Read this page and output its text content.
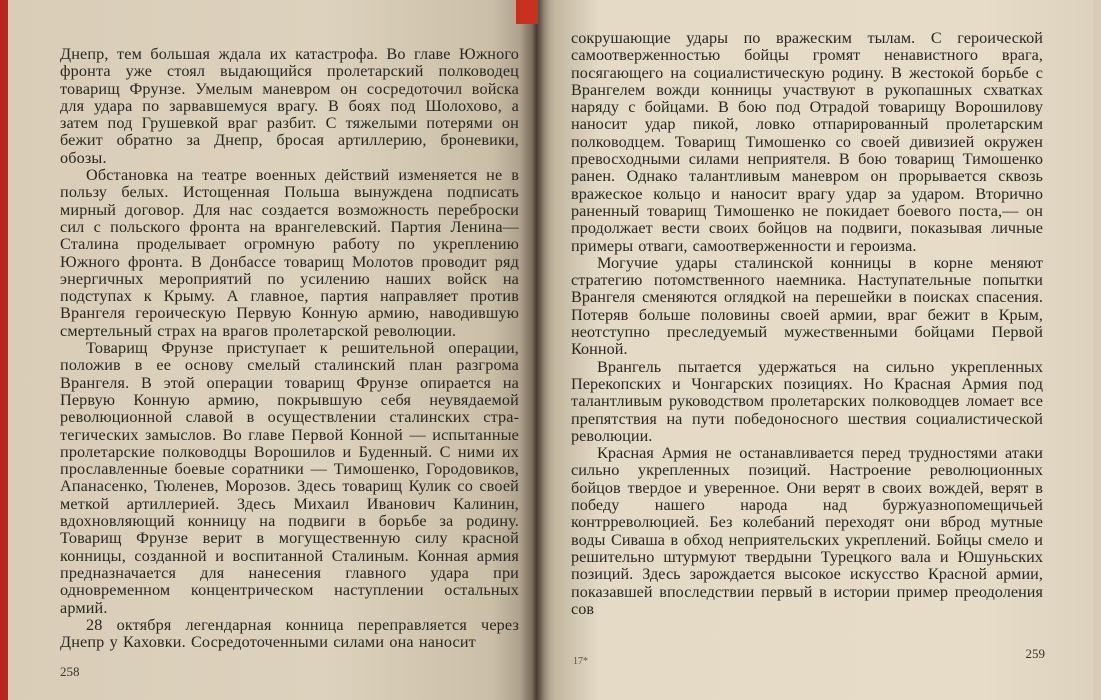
Днепр, тем большая ждала их катастрофа. Во главе Южного фронта уже стоял выдающийся пролетарский полководец товарищ Фрунзе. Умелым маневром он сосредоточил войска для удара по зарвавшемуся врагу. В боях под Шолохово, а затем под Грушевкой враг разбит. С тяжелыми потерями он бежит обратно за Днепр, бросая артиллерию, броневики, обозы.

Обстановка на театре военных действий изменяется не в пользу белых. Истощенная Польша вынуждена подписать мирный договор. Для нас создается возможность переброски сил с польского фронта на врангелевский. Партия Ленина—Сталина проделывает огромную работу по укреплению Южного фронта. В Донбассе товарищ Молотов проводит ряд энергичных мероприятий по усилению наших войск на подступах к Крыму. А главное, партия направляет против Врангеля героическую Первую Конную армию, наводившую смертельный страх на врагов пролетарской революции.

Товарищ Фрунзе приступает к решительной операции, положив в ее основу смелый сталинский план разгрома Врангеля. В этой операции товарищ Фрунзе опирается на Первую Конную армию, покрывшую себя неувядаемой революционной славой в осуществлении сталинских стратегических замыслов. Во главе Первой Конной — испытанные пролетарские полководцы Ворошилов и Буденный. С ними их прославленные боевые соратники — Тимошенко, Городовиков, Апанасенко, Тюленев, Морозов. Здесь товарищ Кулик со своей меткой артиллерией. Здесь Михаил Иванович Калинин, вдохновляющий конницу на подвиги в борьбе за родину. Товарищ Фрунзе верит в могущественную силу красной конницы, созданной и воспитанной Сталиным. Конная армия предназначается для нанесения главного удара при одновременном концентрическом наступлении остальных армий.

28 октября легендарная конница переправляется через Днепр у Каховки. Сосредоточенными силами она наносит

258

сокрушающие удары по вражеским тылам. С героической самоотверженностью бойцы громят ненавистного врага, посягающего на социалистическую родину. В жестокой борьбе с Врангелем вожди конницы участвуют в рукопашных схватках наряду с бойцами. В бою под Отрадой товарищу Ворошилову наносит удар пикой, ловко отпарированный пролетарским полководцем. Товарищ Тимошенко со своей дивизией окружен превосходными силами неприятеля. В бою товарищ Тимошенко ранен. Однако талантливым маневром он прорывается сквозь вражеское кольцо и наносит врагу удар за ударом. Вторично раненный товарищ Тимошенко не покидает боевого поста,— он продолжает вести своих бойцов на подвиги, показывая личные примеры отваги, самоотверженности и героизма.

Могучие удары сталинской конницы в корне меняют стратегию потомственного наемника. Наступательные попытки Врангеля сменяются оглядкой на перешейки в поисках спасения. Потеряв больше половины своей армии, враг бежит в Крым, неотступно преследуемый мужественными бойцами Первой Конной.

Врангель пытается удержаться на сильно укрепленных Перекопских и Чонгарских позициях. Но Красная Армия под талантливым руководством пролетарских полководцев ломает все препятствия на пути победоносного шествия социалистической революции.

Красная Армия не останавливается перед трудностями атаки сильно укрепленных позиций. Настроение революционных бойцов твердое и уверенное. Они верят в своих вождей, верят в победу нашего народа над буржуазнопомещичьей контрреволюцией. Без колебаний переходят они вброд мутные воды Сиваша в обход неприятельских укреплений. Бойцы смело и решительно штурмуют твердыни Турецкого вала и Юшуньских позиций. Здесь зарождается высокое искусство Красной армии, показавшей впоследствии первый в истории пример преодоления сов

17*
259
